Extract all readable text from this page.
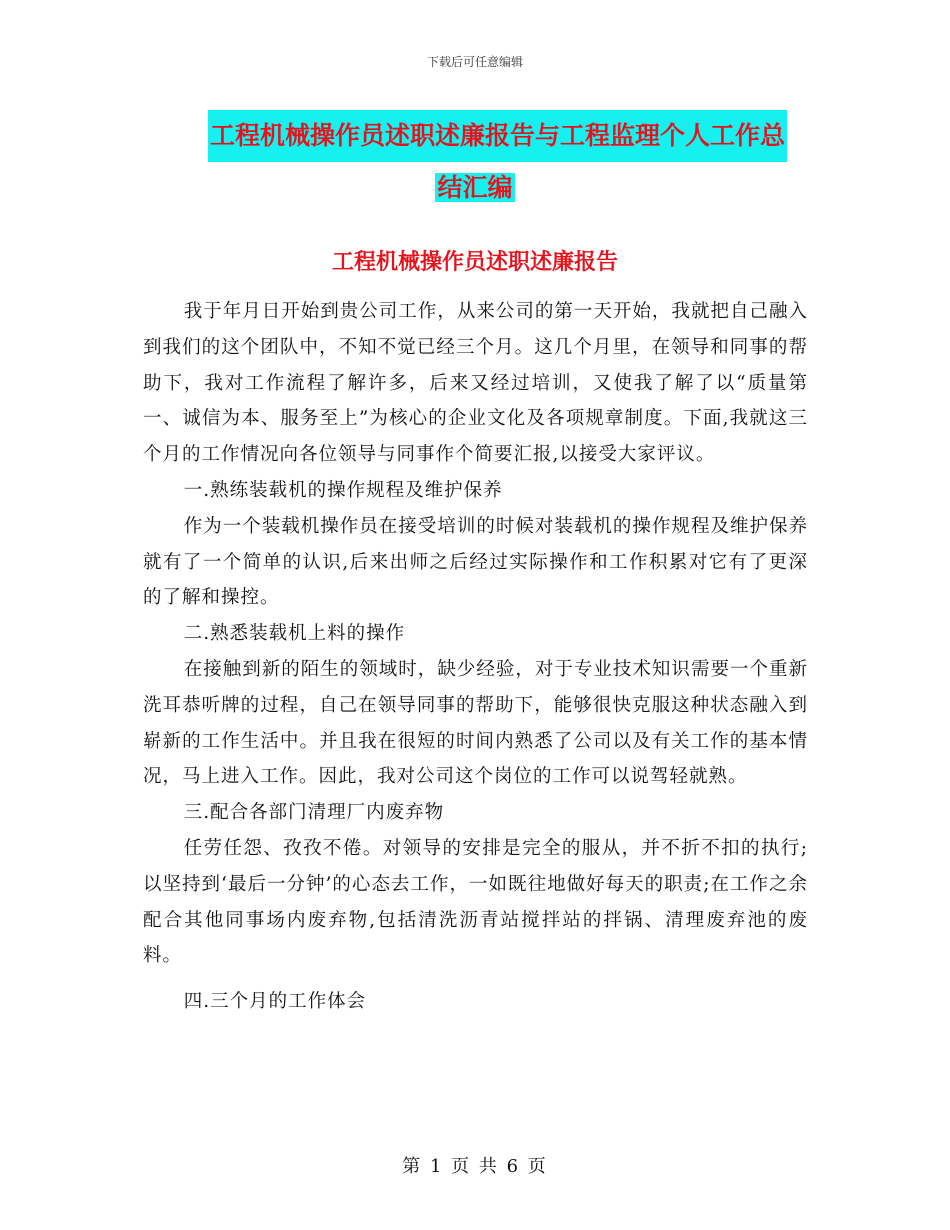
下载后可任意编辑
工程机械操作员述职述廉报告与工程监理个人工作总
结汇编
工程机械操作员述职述廉报告

我于年月日开始到贵公司工作，从来公司的第一天开始，我就把自己融入到我们的这个团队中，不知不觉已经三个月。这几个月里，在领导和同事的帮助下，我对工作流程了解许多，后来又经过培训，又使我了解了以“质量第一、诚信为本、服务至上”为核心的企业文化及各项规章制度。下面,我就这三个月的工作情况向各位领导与同事作个简要汇报,以接受大家评议。

一.熟练装载机的操作规程及维护保养

作为一个装载机操作员在接受培训的时候对装载机的操作规程及维护保养就有了一个简单的认识,后来出师之后经过实际操作和工作积累对它有了更深的了解和操控。

二.熟悉装载机上料的操作

在接触到新的陌生的领域时，缺少经验，对于专业技术知识需要一个重新洗耳恭听牌的过程，自己在领导同事的帮助下，能够很快克服这种状态融入到崭新的工作生活中。并且我在很短的时间内熟悉了公司以及有关工作的基本情况，马上进入工作。因此，我对公司这个岗位的工作可以说驾轻就熟。

三.配合各部门清理厂内废弃物

任劳任怨、孜孜不倦。对领导的安排是完全的服从，并不折不扣的执行;以坚持到‘最后一分钟’的心态去工作，一如既往地做好每天的职责;在工作之余配合其他同事场内废弃物,包括清洗沥青站搅拌站的拌锅、清理废弃池的废料。

四.三个月的工作体会

第 1 页 共 6 页
